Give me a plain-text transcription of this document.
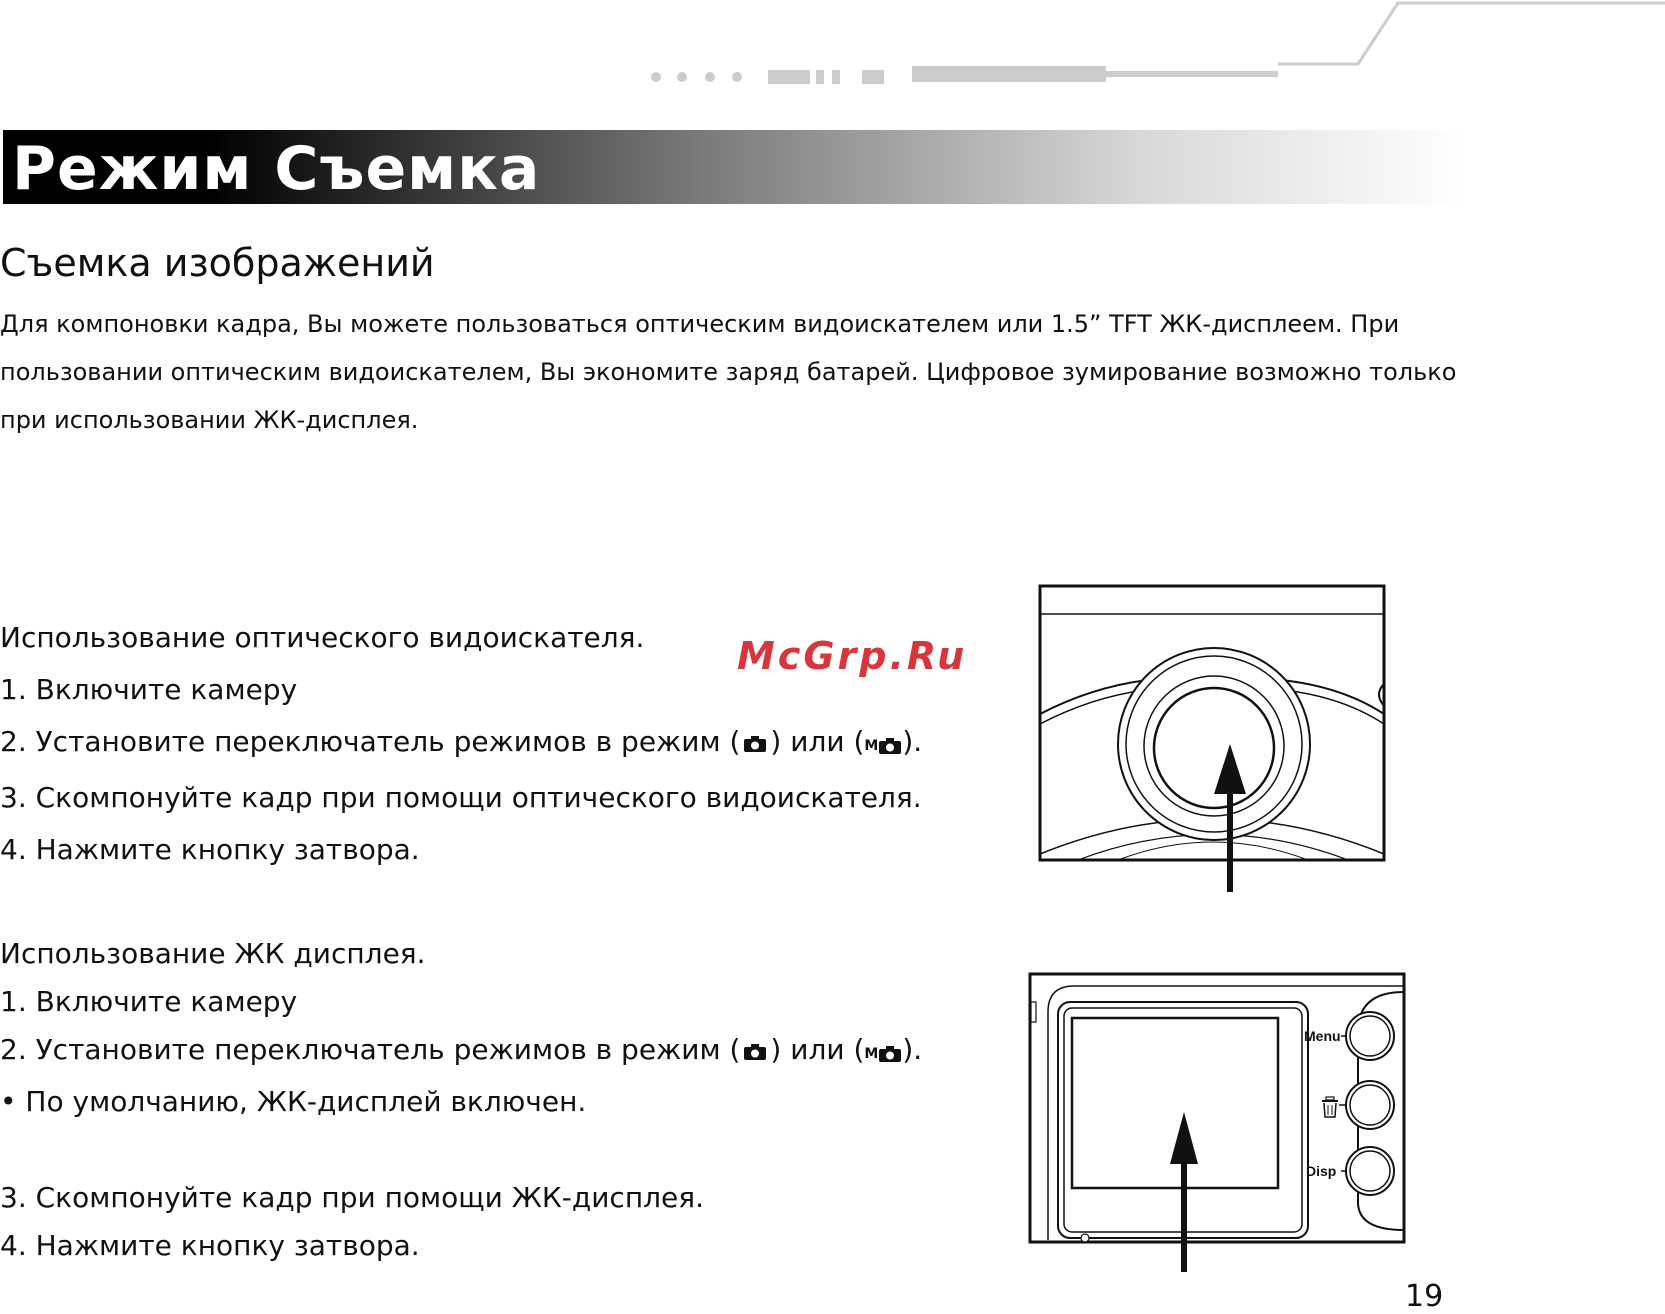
Режим Съемка
Съемка изображений

Для компоновки кадра, Вы можете пользоваться оптическим видоискателем или 1.5” TFT ЖК-дисплеем. При

пользовании оптическим видоискателем, Вы экономите заряд батарей. Цифровое зумирование возможно только

при использовании ЖК-дисплея.

Использование оптического видоискателя.

1. Включите камеру

2. Установите переключатель режимов в режим ( ) или ( M ).

3. Скомпонуйте кадр при помощи оптического видоискателя.

4. Нажмите кнопку затвора.

Использование ЖК дисплея.

1. Включите камеру

2. Установите переключатель режимов в режим ( ) или ( M ).

• По умолчанию, ЖК-дисплей включен.

3. Скомпонуйте кадр при помощи ЖК-дисплея.

4. Нажмите кнопку затвора.

McGrp.Ru
Menu
Disp
19
